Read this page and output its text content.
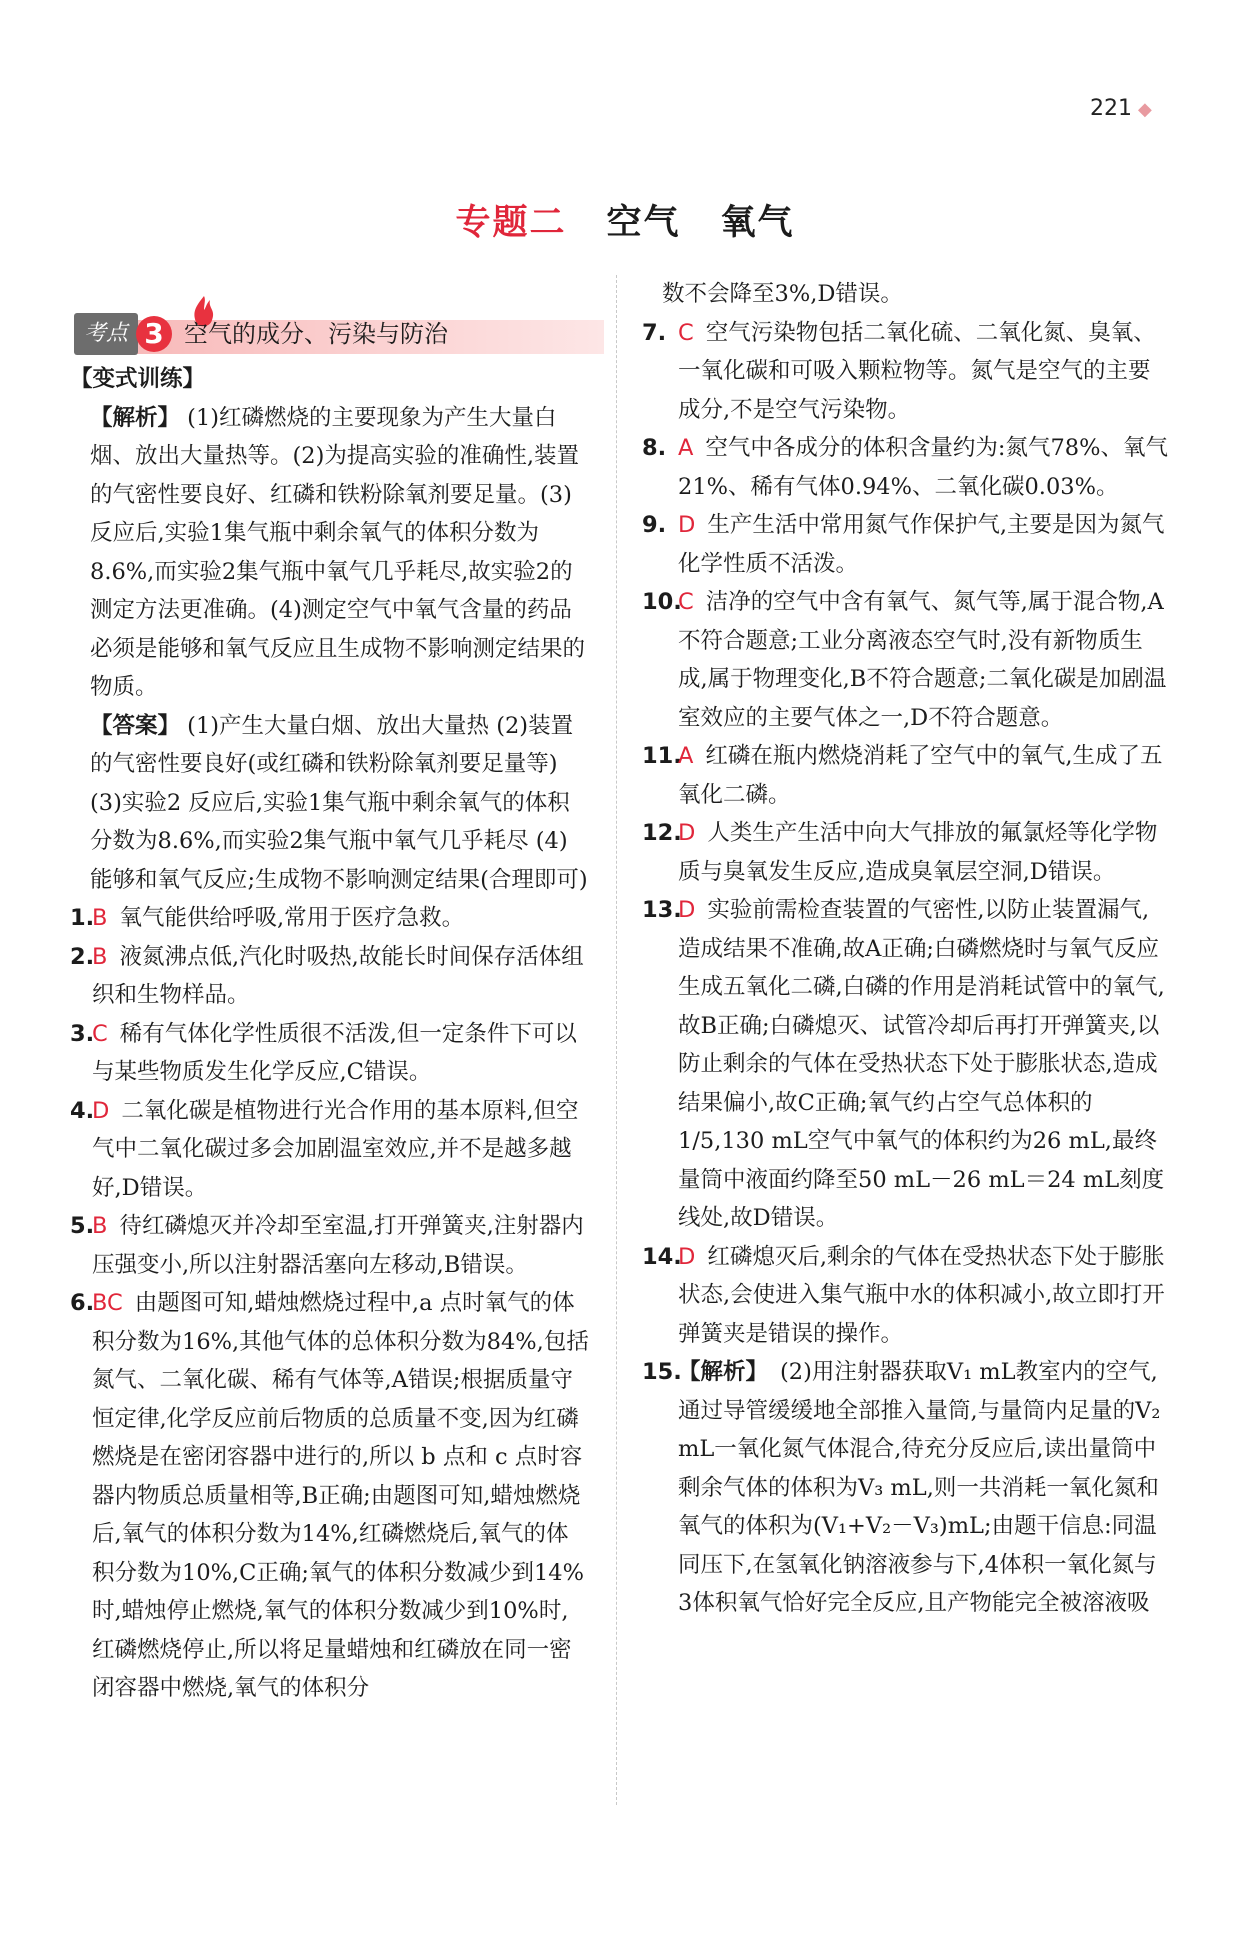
221 ◆
专题二 空气 氧气
考点 3 空气的成分、污染与防治
【变式训练】
【解析】 (1)红磷燃烧的主要现象为产生大量白烟、放出大量热等。(2)为提高实验的准确性,装置的气密性要良好、红磷和铁粉除氧剂要足量。(3)反应后,实验1集气瓶中剩余氧气的体积分数为8.6%,而实验2集气瓶中氧气几乎耗尽,故实验2的测定方法更准确。(4)测定空气中氧气含量的药品必须是能够和氧气反应且生成物不影响测定结果的物质。
【答案】 (1)产生大量白烟、放出大量热 (2)装置的气密性要良好(或红磷和铁粉除氧剂要足量等) (3)实验2 反应后,实验1集气瓶中剩余氧气的体积分数为8.6%,而实验2集气瓶中氧气几乎耗尽 (4)能够和氧气反应;生成物不影响测定结果(合理即可)
1.
B 氧气能供给呼吸,常用于医疗急救。
2.
B 液氮沸点低,汽化时吸热,故能长时间保存活体组织和生物样品。
3.
C 稀有气体化学性质很不活泼,但一定条件下可以与某些物质发生化学反应,C错误。
4.
D 二氧化碳是植物进行光合作用的基本原料,但空气中二氧化碳过多会加剧温室效应,并不是越多越好,D错误。
5.
B 待红磷熄灭并冷却至室温,打开弹簧夹,注射器内压强变小,所以注射器活塞向左移动,B错误。
6.
BC 由题图可知,蜡烛燃烧过程中,a 点时氧气的体积分数为16%,其他气体的总体积分数为84%,包括氮气、二氧化碳、稀有气体等,A错误;根据质量守恒定律,化学反应前后物质的总质量不变,因为红磷燃烧是在密闭容器中进行的,所以 b 点和 c 点时容器内物质总质量相等,B正确;由题图可知,蜡烛燃烧后,氧气的体积分数为14%,红磷燃烧后,氧气的体积分数为10%,C正确;氧气的体积分数减少到14%时,蜡烛停止燃烧,氧气的体积分数减少到10%时,红磷燃烧停止,所以将足量蜡烛和红磷放在同一密闭容器中燃烧,氧气的体积分
数不会降至3%,D错误。
7. C 空气污染物包括二氧化硫、二氧化氮、臭氧、一氧化碳和可吸入颗粒物等。氮气是空气的主要成分,不是空气污染物。
8. A 空气中各成分的体积含量约为:氮气78%、氧气21%、稀有气体0.94%、二氧化碳0.03%。
9. D 生产生活中常用氮气作保护气,主要是因为氮气化学性质不活泼。
10.
C 洁净的空气中含有氧气、氮气等,属于混合物,A不符合题意;工业分离液态空气时,没有新物质生成,属于物理变化,B不符合题意;二氧化碳是加剧温室效应的主要气体之一,D不符合题意。
11.
A 红磷在瓶内燃烧消耗了空气中的氧气,生成了五氧化二磷。
12.
D 人类生产生活中向大气排放的氟氯烃等化学物质与臭氧发生反应,造成臭氧层空洞,D错误。
13.
D 实验前需检查装置的气密性,以防止装置漏气,造成结果不准确,故A正确;白磷燃烧时与氧气反应生成五氧化二磷,白磷的作用是消耗试管中的氧气,故B正确;白磷熄灭、试管冷却后再打开弹簧夹,以防止剩余的气体在受热状态下处于膨胀状态,造成结果偏小,故C正确;氧气约占空气总体积的1/5,130 mL空气中氧气的体积约为26 mL,最终量筒中液面约降至50 mL－26 mL＝24 mL刻度线处,故D错误。
14.
D 红磷熄灭后,剩余的气体在受热状态下处于膨胀状态,会使进入集气瓶中水的体积减小,故立即打开弹簧夹是错误的操作。
15.
【解析】 (2)用注射器获取V₁ mL教室内的空气,通过导管缓缓地全部推入量筒,与量筒内足量的V₂ mL一氧化氮气体混合,待充分反应后,读出量筒中剩余气体的体积为V₃ mL,则一共消耗一氧化氮和氧气的体积为(V₁+V₂－V₃)mL;由题干信息:同温同压下,在氢氧化钠溶液参与下,4体积一氧化氮与3体积氧气恰好完全反应,且产物能完全被溶液吸
